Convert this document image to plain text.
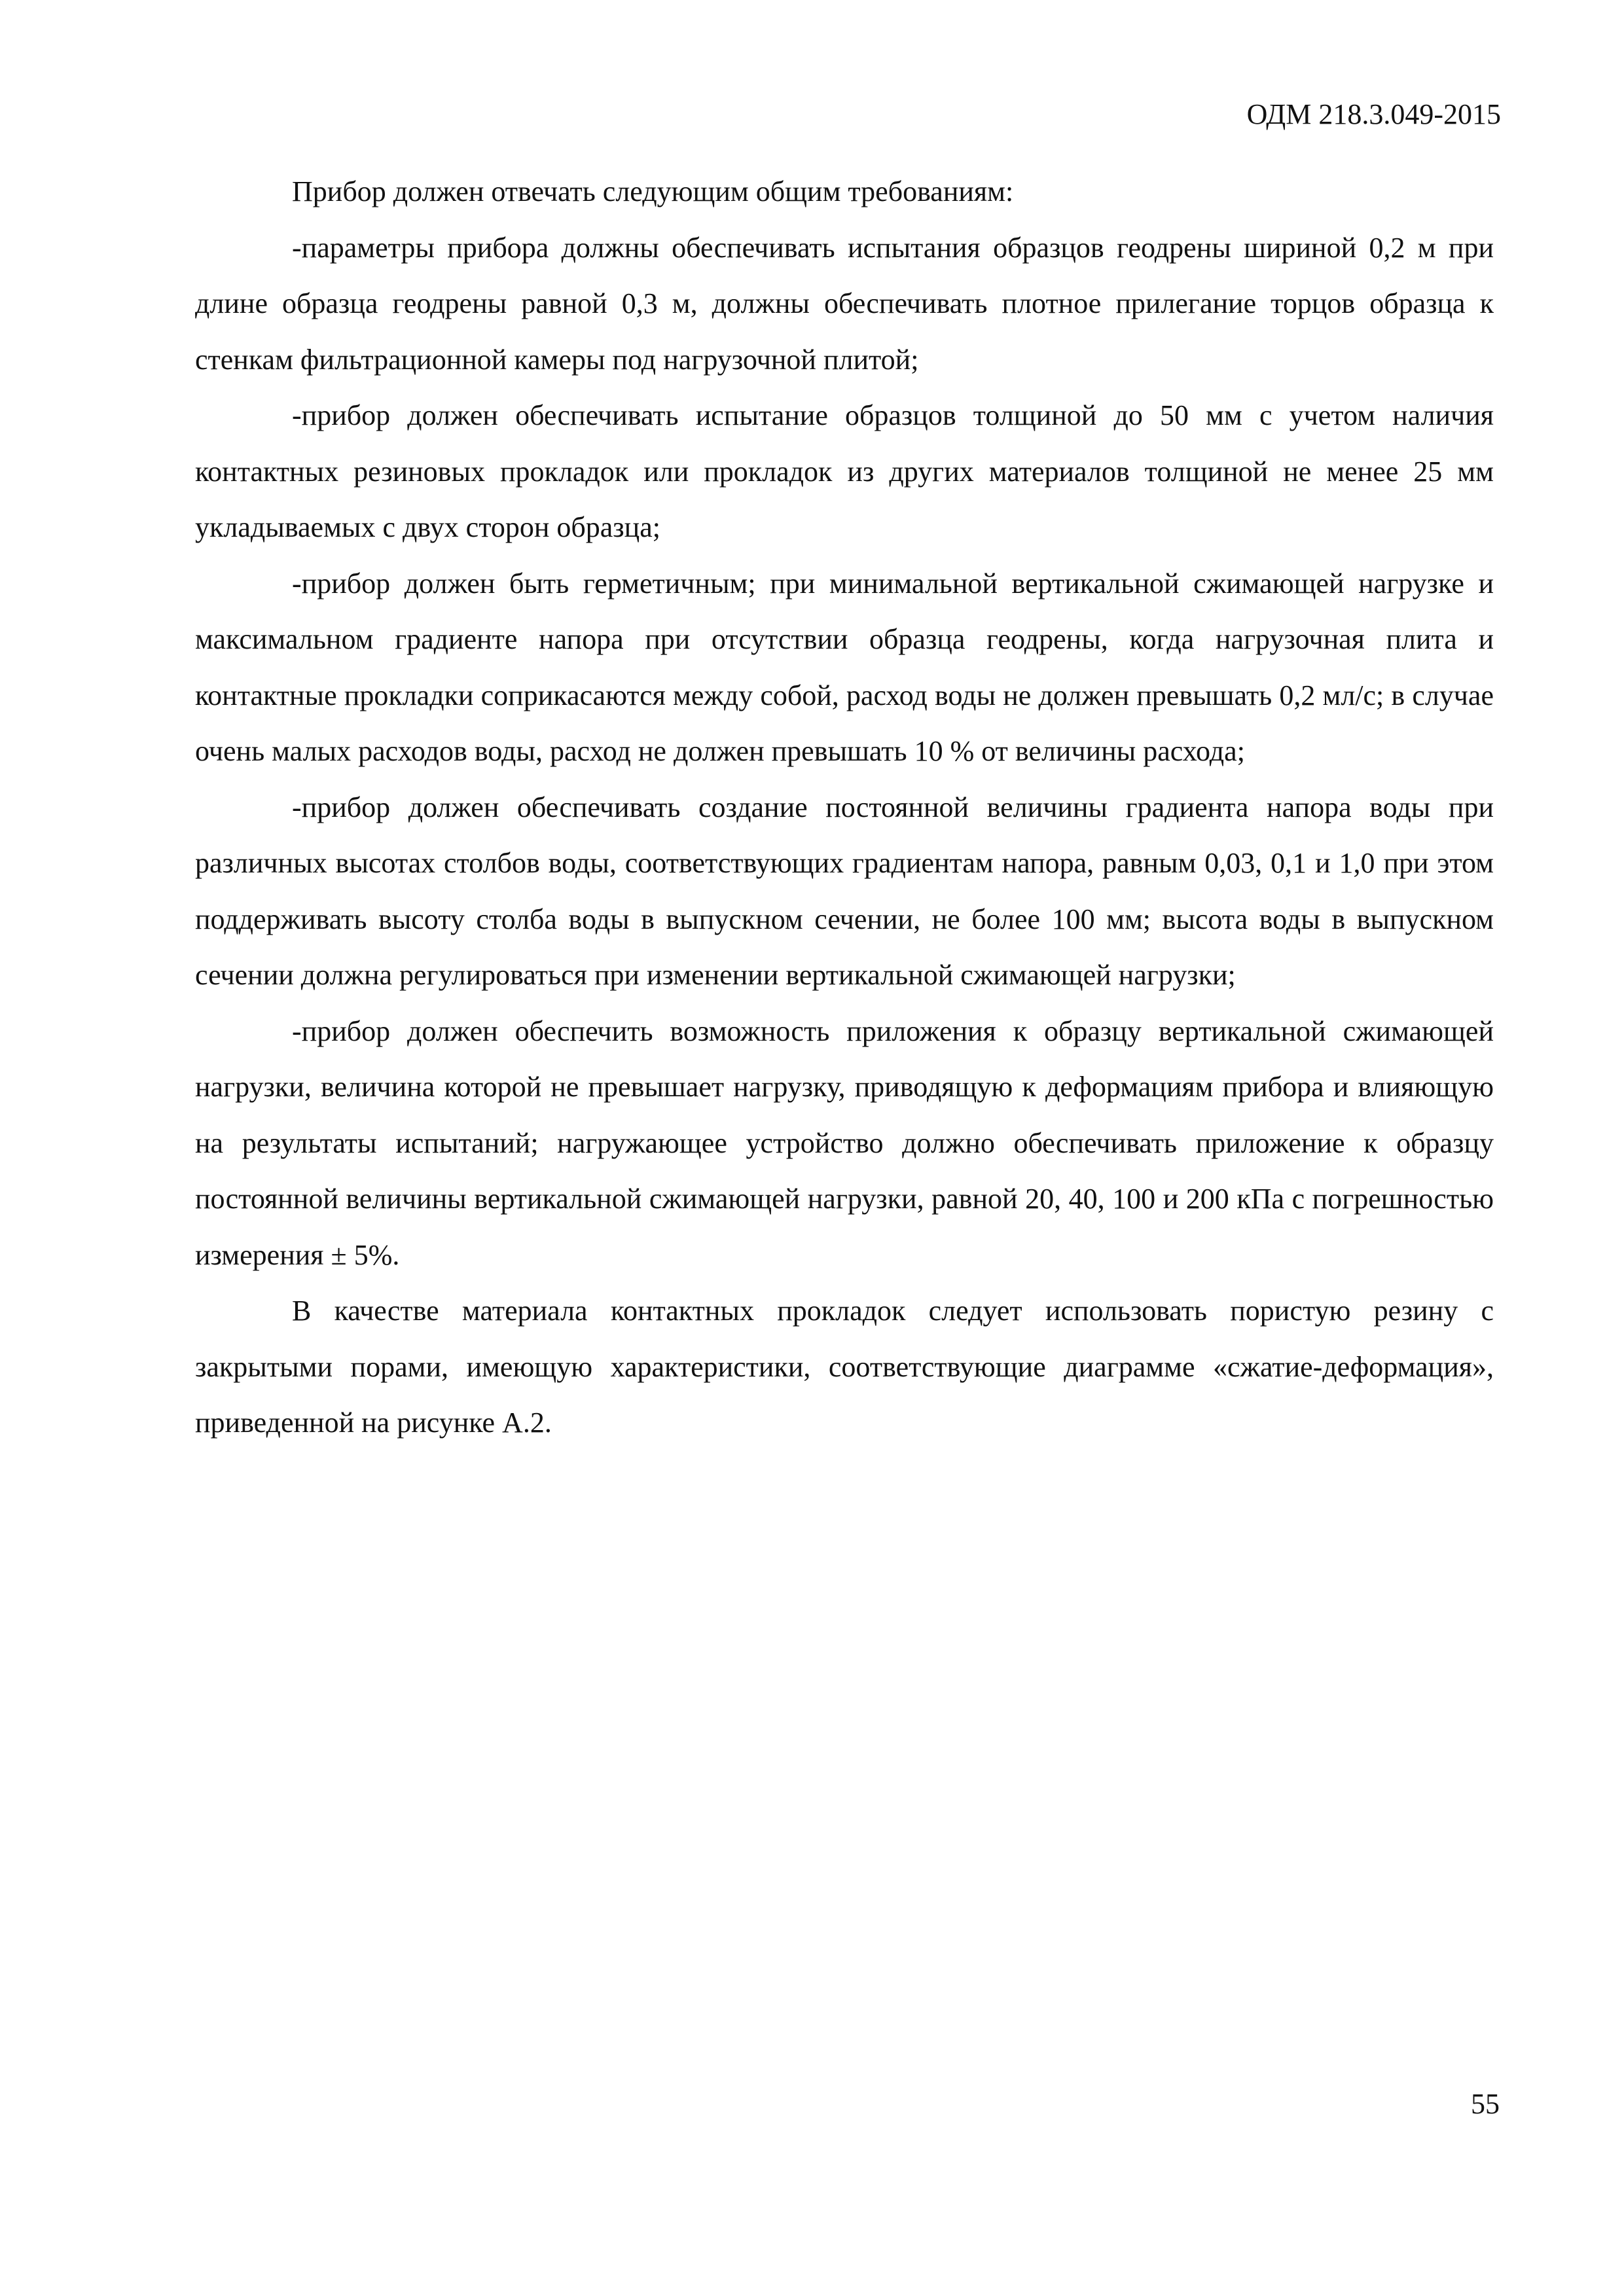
ОДМ 218.3.049-2015

Прибор должен отвечать следующим общим требованиям:

-параметры прибора должны обеспечивать испытания образцов геодрены шириной 0,2 м при длине образца геодрены равной 0,3 м, должны обеспечивать плотное прилегание торцов образца к стенкам фильтрационной камеры под нагрузочной плитой;

-прибор должен обеспечивать испытание образцов толщиной до 50 мм с учетом наличия контактных резиновых прокладок или прокладок из других материалов толщиной не менее 25 мм укладываемых с двух сторон образца;

-прибор должен быть герметичным; при минимальной вертикальной сжимающей нагрузке и максимальном градиенте напора при отсутствии образца геодрены, когда нагрузочная плита и контактные прокладки соприкасаются между собой, расход воды не должен превышать 0,2 мл/с; в случае очень малых расходов воды, расход не должен превышать 10 % от величины расхода;

-прибор должен обеспечивать создание постоянной величины градиента напора воды при различных высотах столбов воды, соответствующих градиентам напора, равным 0,03, 0,1 и 1,0 при этом поддерживать высоту столба воды в выпускном сечении, не более 100 мм; высота воды в выпускном сечении должна регулироваться при изменении вертикальной сжимающей нагрузки;

-прибор должен обеспечить возможность приложения к образцу вертикальной сжимающей нагрузки, величина которой не превышает нагрузку, приводящую к деформациям прибора и влияющую на результаты испытаний; нагружающее устройство должно обеспечивать приложение к образцу постоянной величины вертикальной сжимающей нагрузки, равной 20, 40, 100 и 200 кПа с погрешностью измерения ± 5%.

В качестве материала контактных прокладок следует использовать пористую резину с закрытыми порами, имеющую характеристики, соответствующие диаграмме «сжатие-деформация», приведенной на рисунке А.2.

55
